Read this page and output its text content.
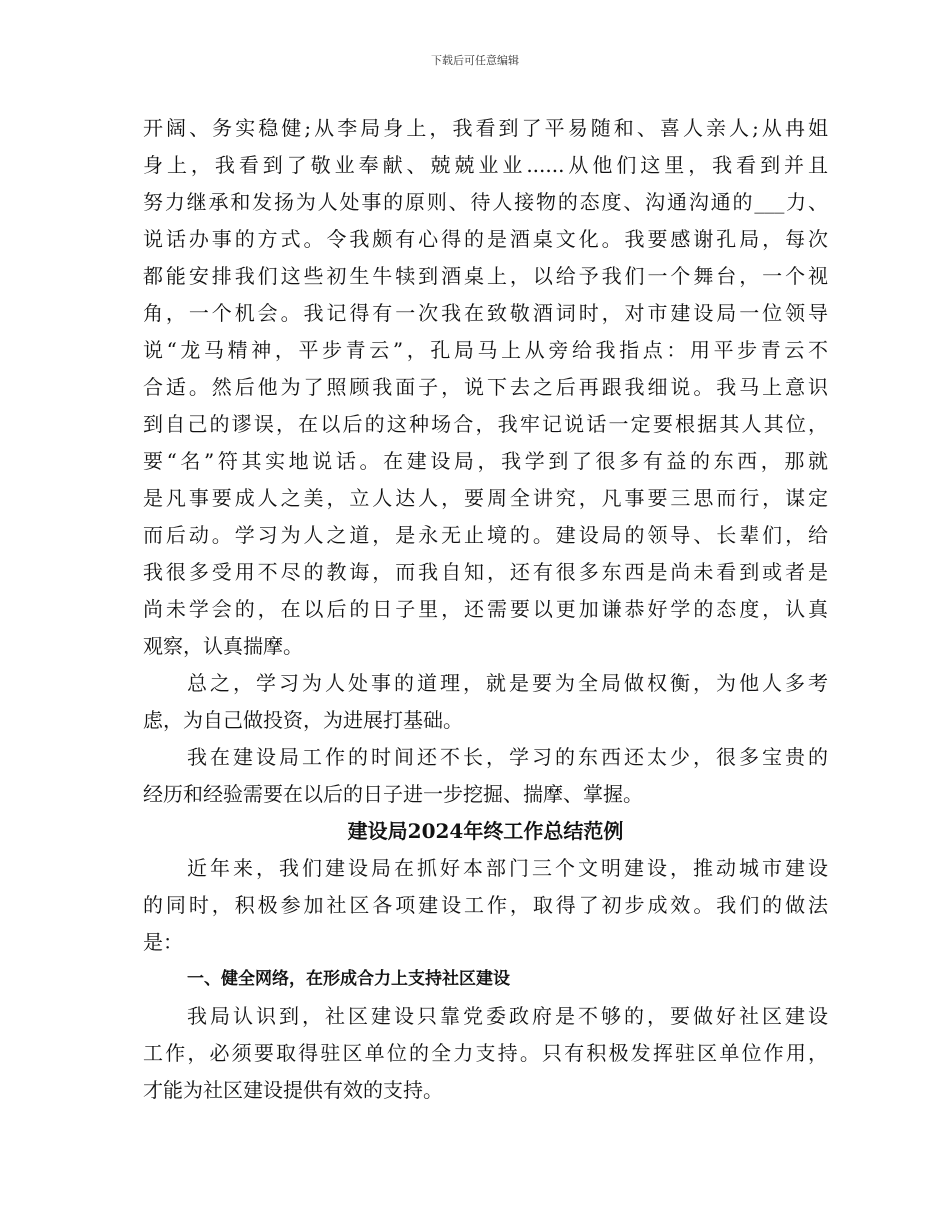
下载后可任意编辑
开阔、务实稳健;从李局身上，我看到了平易随和、喜人亲人;从冉姐
身上，我看到了敬业奉献、兢兢业业......从他们这里，我看到并且
努力继承和发扬为人处事的原则、待人接物的态度、沟通沟通的___力、
说话办事的方式。令我颇有心得的是酒桌文化。我要感谢孔局，每次
都能安排我们这些初生牛犊到酒桌上，以给予我们一个舞台，一个视
角，一个机会。我记得有一次我在致敬酒词时，对市建设局一位领导
说“龙马精神，平步青云”，孔局马上从旁给我指点：用平步青云不
合适。然后他为了照顾我面子，说下去之后再跟我细说。我马上意识
到自己的谬误，在以后的这种场合，我牢记说话一定要根据其人其位，
要“名”符其实地说话。在建设局，我学到了很多有益的东西，那就
是凡事要成人之美，立人达人，要周全讲究，凡事要三思而行，谋定
而后动。学习为人之道，是永无止境的。建设局的领导、长辈们，给
我很多受用不尽的教诲，而我自知，还有很多东西是尚未看到或者是
尚未学会的，在以后的日子里，还需要以更加谦恭好学的态度，认真
观察，认真揣摩。
总之，学习为人处事的道理，就是要为全局做权衡，为他人多考
虑，为自己做投资，为进展打基础。
我在建设局工作的时间还不长，学习的东西还太少，很多宝贵的
经历和经验需要在以后的日子进一步挖掘、揣摩、掌握。
建设局2024年终工作总结范例
近年来，我们建设局在抓好本部门三个文明建设，推动城市建设
的同时，积极参加社区各项建设工作，取得了初步成效。我们的做法
是：
一、健全网络，在形成合力上支持社区建设
我局认识到，社区建设只靠党委政府是不够的，要做好社区建设
工作，必须要取得驻区单位的全力支持。只有积极发挥驻区单位作用，
才能为社区建设提供有效的支持。
